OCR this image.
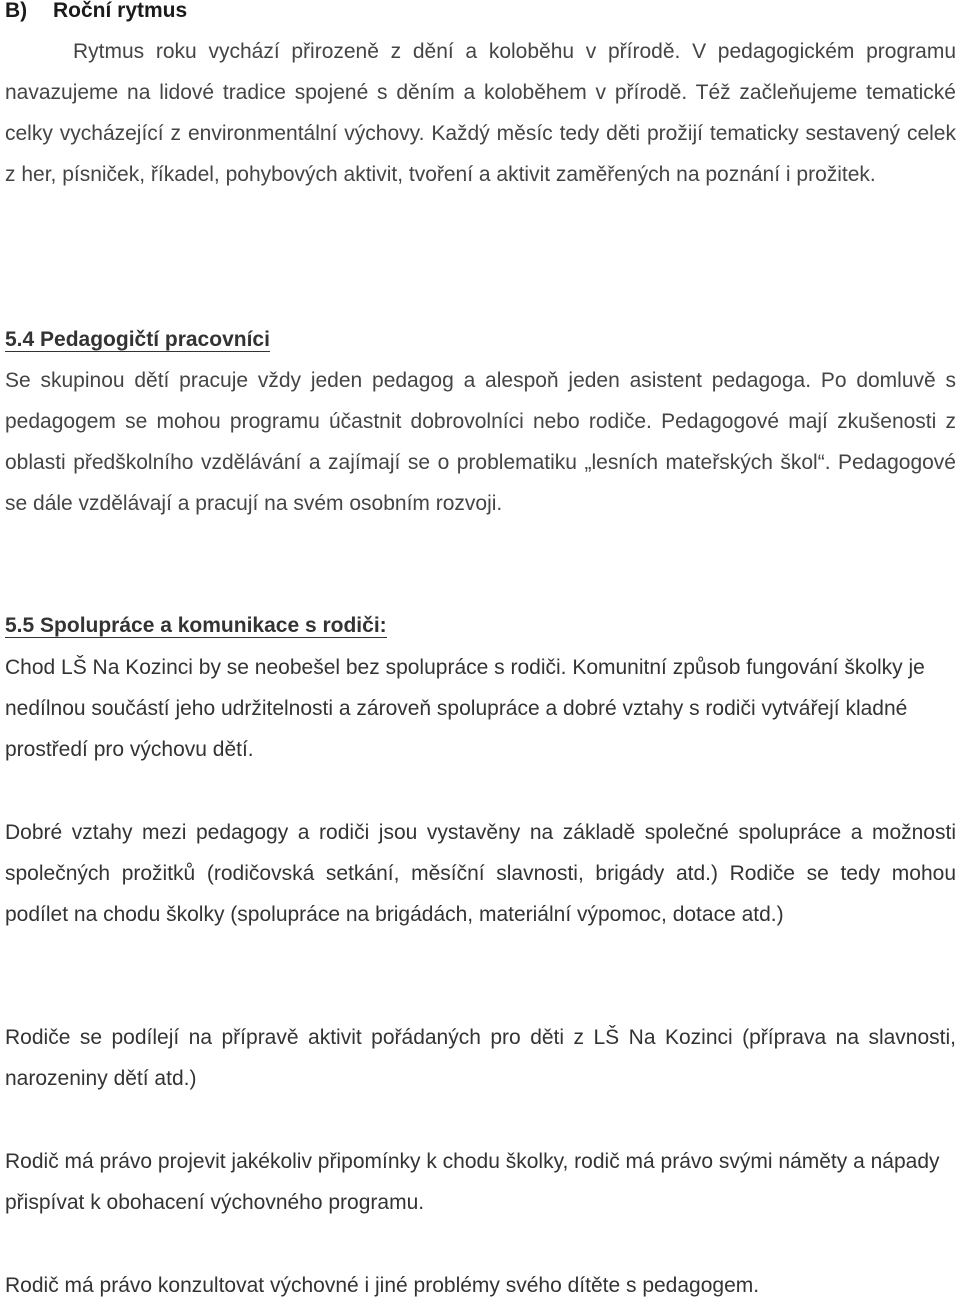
B) Roční rytmus

Rytmus roku vychází přirozeně z dění a koloběhu v přírodě. V pedagogickém programu navazujeme na lidové tradice spojené s děním a koloběhem v přírodě. Též začleňujeme tematické celky vycházející z environmentální výchovy. Každý měsíc tedy děti prožijí tematicky sestavený celek z her, písniček, říkadel, pohybových aktivit, tvoření a aktivit zaměřených na poznání i prožitek.

5.4 Pedagogičtí pracovníci

Se skupinou dětí pracuje vždy jeden pedagog a alespoň jeden asistent pedagoga. Po domluvě s pedagogem se mohou programu účastnit dobrovolníci nebo rodiče. Pedagogové mají zkušenosti z oblasti předškolního vzdělávání a zajímají se o problematiku „lesních mateřských škol“. Pedagogové se dále vzdělávají a pracují na svém osobním rozvoji.

5.5 Spolupráce a komunikace s rodiči:

Chod LŠ Na Kozinci by se neobešel bez spolupráce s rodiči. Komunitní způsob fungování školky je nedílnou součástí jeho udržitelnosti a zároveň spolupráce a dobré vztahy s rodiči vytvářejí kladné prostředí pro výchovu dětí.

Dobré vztahy mezi pedagogy a rodiči jsou vystavěny na základě společné spolupráce a možnosti společných prožitků (rodičovská setkání, měsíční slavnosti, brigády atd.) Rodiče se tedy mohou podílet na chodu školky (spolupráce na brigádách, materiální výpomoc, dotace atd.)

Rodiče se podílejí na přípravě aktivit pořádaných pro děti z LŠ Na Kozinci (příprava na slavnosti, narozeniny dětí atd.)

Rodič má právo projevit jakékoliv připomínky k chodu školky, rodič má právo svými náměty a nápady přispívat k obohacení výchovného programu.

Rodič má právo konzultovat výchovné i jiné problémy svého dítěte s pedagogem.
